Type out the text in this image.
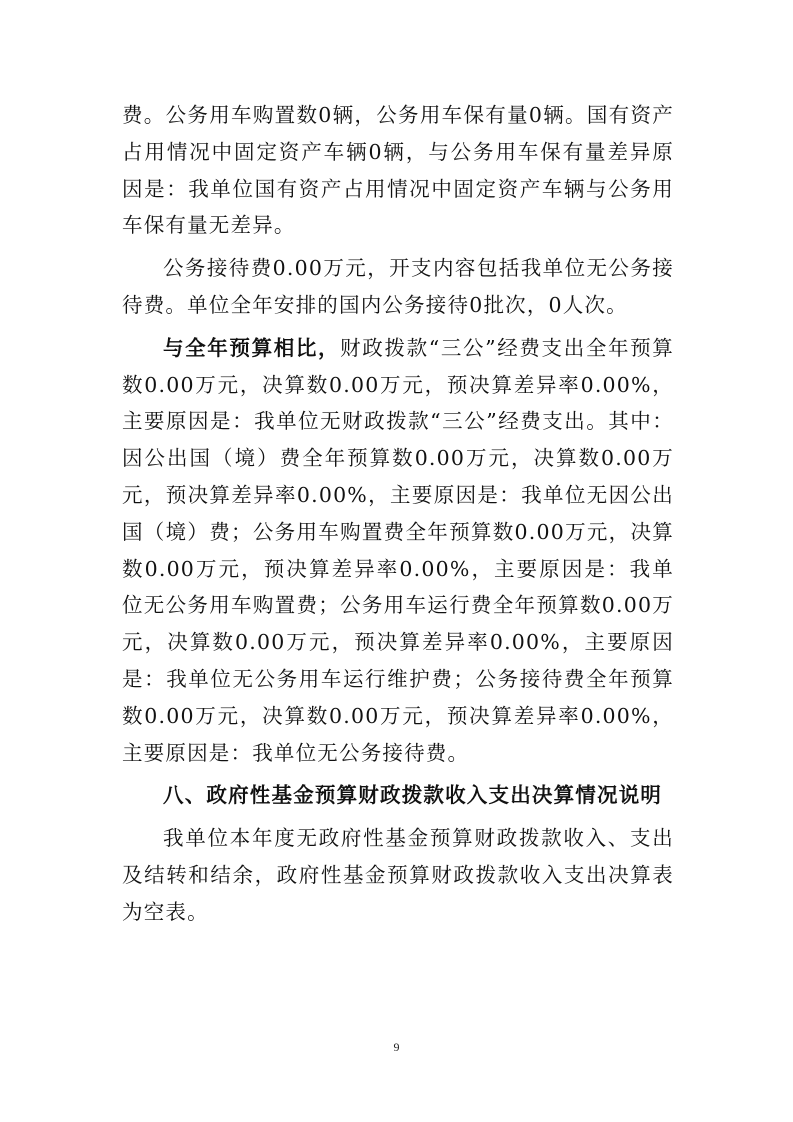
费。公务用车购置数0辆，公务用车保有量0辆。国有资产占用情况中固定资产车辆0辆，与公务用车保有量差异原因是：我单位国有资产占用情况中固定资产车辆与公务用车保有量无差异。

公务接待费0.00万元，开支内容包括我单位无公务接待费。单位全年安排的国内公务接待0批次，0人次。

与全年预算相比，财政拨款“三公”经费支出全年预算数0.00万元，决算数0.00万元，预决算差异率0.00%，主要原因是：我单位无财政拨款“三公”经费支出。其中：因公出国（境）费全年预算数0.00万元，决算数0.00万元，预决算差异率0.00%，主要原因是：我单位无因公出国（境）费；公务用车购置费全年预算数0.00万元，决算数0.00万元，预决算差异率0.00%，主要原因是：我单位无公务用车购置费；公务用车运行费全年预算数0.00万元，决算数0.00万元，预决算差异率0.00%，主要原因是：我单位无公务用车运行维护费；公务接待费全年预算数0.00万元，决算数0.00万元，预决算差异率0.00%，主要原因是：我单位无公务接待费。

八、政府性基金预算财政拨款收入支出决算情况说明

我单位本年度无政府性基金预算财政拨款收入、支出及结转和结余，政府性基金预算财政拨款收入支出决算表为空表。

9
